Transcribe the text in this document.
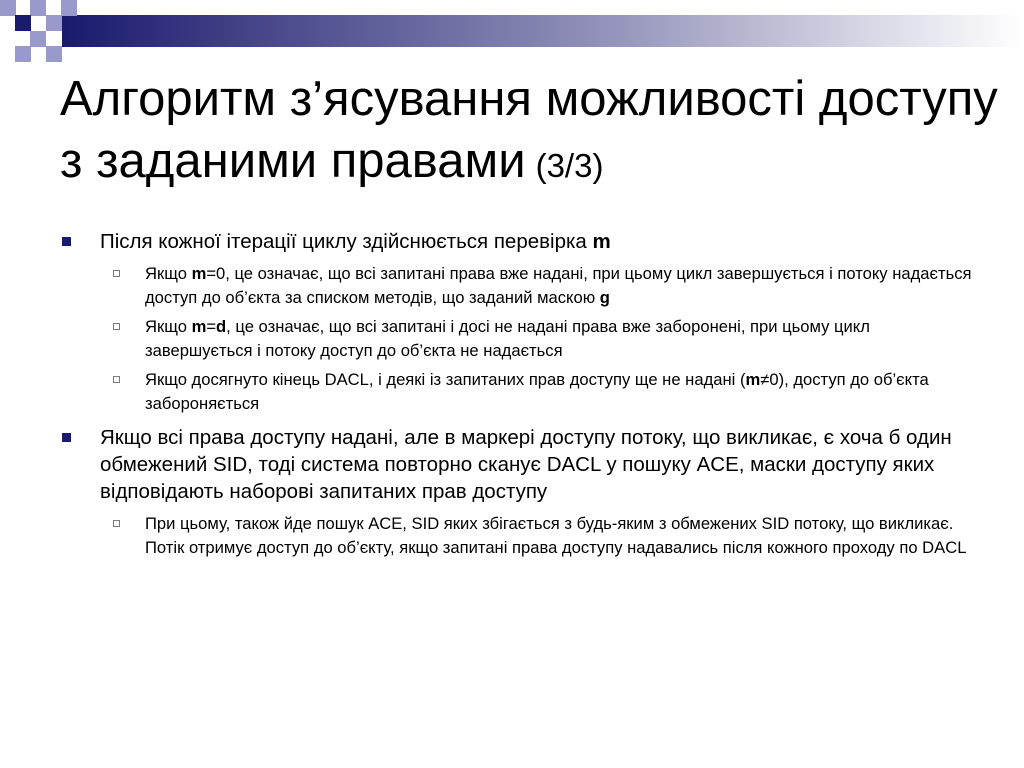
Алгоритм з’ясування можливості доступу з заданими правами (3/3)
Після кожної ітерації циклу здійснюється перевірка m
Якщо m=0, це означає, що всі запитані права вже надані, при цьому цикл завершується і потоку надається доступ до об’єкта за списком методів, що заданий маскою g
Якщо m=d, це означає, що всі запитані і досі не надані права вже заборонені, при цьому цикл завершується і потоку доступ до об’єкта не надається
Якщо досягнуто кінець DACL, і деякі із запитаних прав доступу ще не надані (m≠0), доступ до об’єкта забороняється
Якщо всі права доступу надані, але в маркері доступу потоку, що викликає, є хоча б один обмежений SID, тоді система повторно сканує DACL у пошуку ACE, маски доступу яких відповідають наборові запитаних прав доступу
При цьому, також йде пошук ACE, SID яких збігається з будь-яким з обмежених SID потоку, що викликає. Потік отримує доступ до об’єкту, якщо запитані права доступу надавались після кожного проходу по DACL
